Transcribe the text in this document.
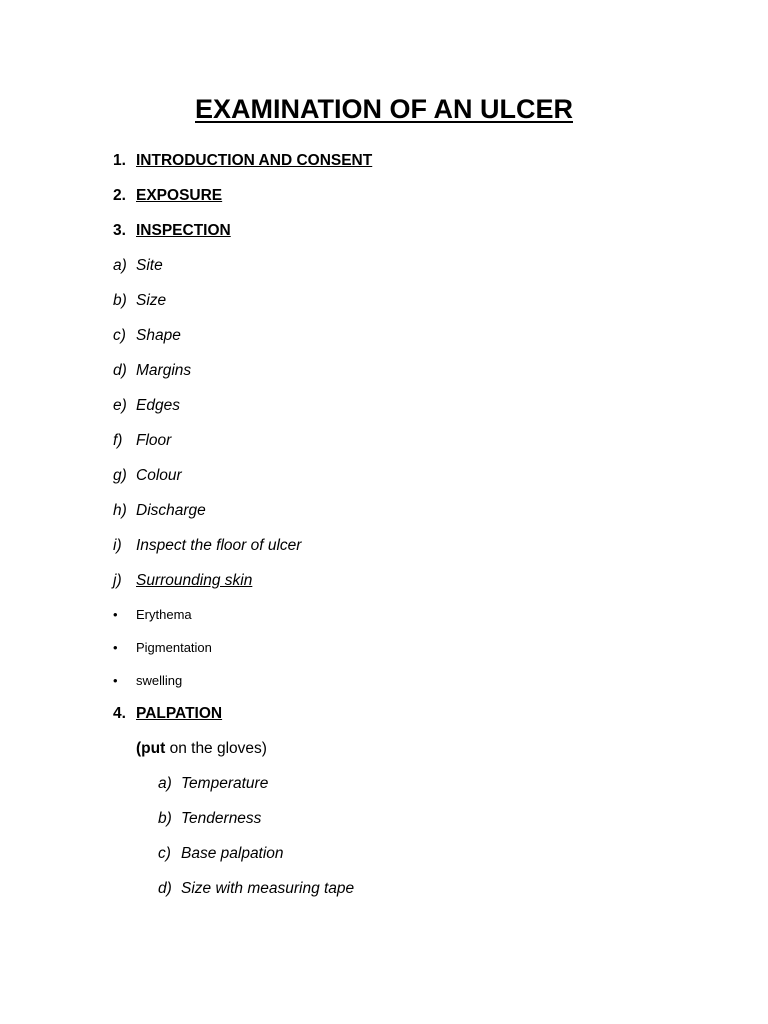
EXAMINATION OF AN ULCER
1. INTRODUCTION AND CONSENT
2. EXPOSURE
3. INSPECTION
a) Site
b) Size
c) Shape
d) Margins
e) Edges
f) Floor
g) Colour
h) Discharge
i) Inspect the floor of ulcer
j) Surrounding skin
• Erythema
• Pigmentation
• swelling
4. PALPATION
(put on the gloves)
a) Temperature
b) Tenderness
c) Base palpation
d) Size with measuring tape
